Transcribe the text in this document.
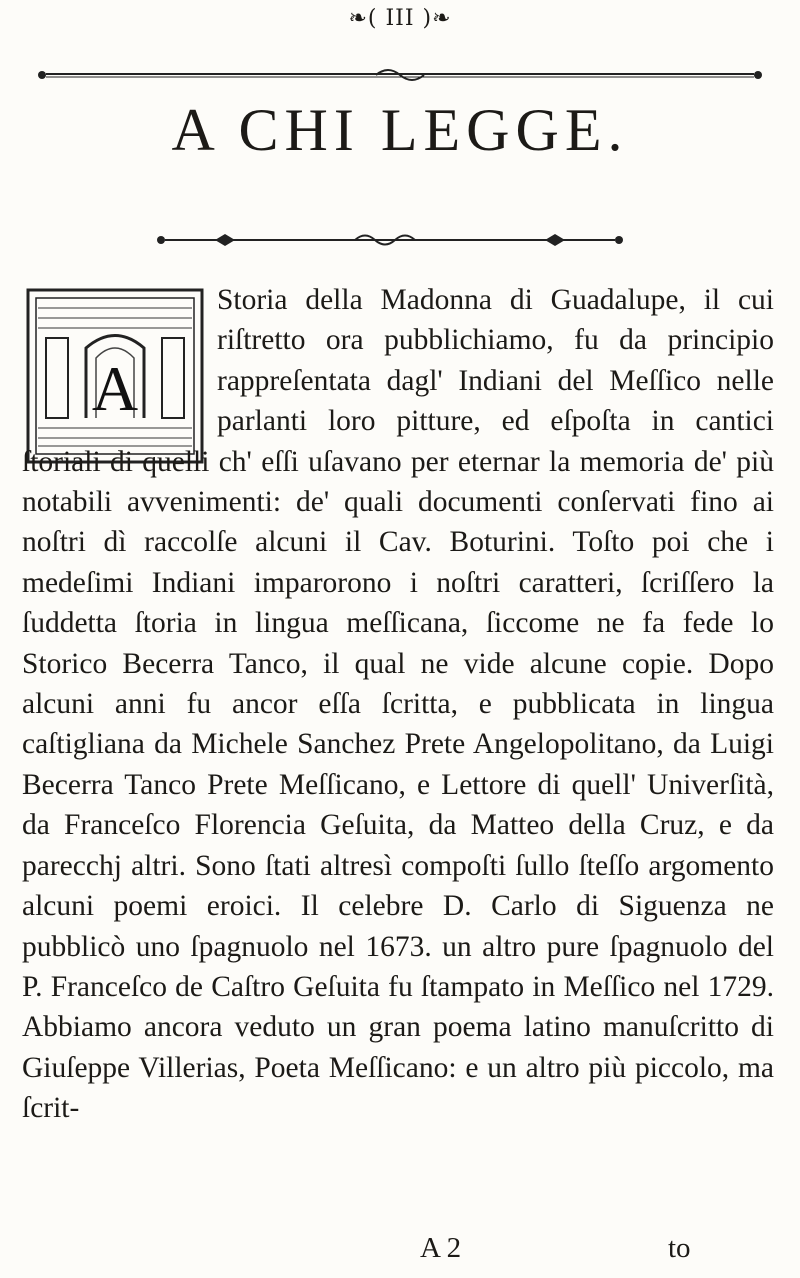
❧( III )❧
A CHI LEGGE.
A
Storia della Madonna di Guadalupe, il cui riſtretto ora pubblichiamo, fu da principio rappreſentata dagl' Indiani del Meſſico nelle parlanti loro pitture, ed eſpoſta in cantici ſtoriali di quelli ch' eſſi uſavano per eternar la memoria de' più notabili avvenimenti: de' quali documenti conſervati fino ai noſtri dì raccolſe alcuni il Cav. Boturini. Toſto poi che i medeſimi Indiani imparorono i noſtri caratteri, ſcriſſero la ſuddetta ſtoria in lingua meſſicana, ſiccome ne fa fede lo Storico Becerra Tanco, il qual ne vide alcune copie. Dopo alcuni anni fu ancor eſſa ſcritta, e pubblicata in lingua caſtigliana da Michele Sanchez Prete Angelopolitano, da Luigi Becerra Tanco Prete Meſſicano, e Lettore di quell' Univerſità, da Franceſco Florencia Geſuita, da Matteo della Cruz, e da parecchj altri. Sono ſtati altresì compoſti ſullo ſteſſo argomento alcuni poemi eroici. Il celebre D. Carlo di Siguenza ne pubblicò uno ſpagnuolo nel 1673. un altro pure ſpagnuolo del P. Franceſco de Caſtro Geſuita fu ſtampato in Meſſico nel 1729. Abbiamo ancora veduto un gran poema latino manuſcritto di Giuſeppe Villerias, Poeta Meſſicano: e un altro più piccolo, ma ſcrit-
A 2	to
